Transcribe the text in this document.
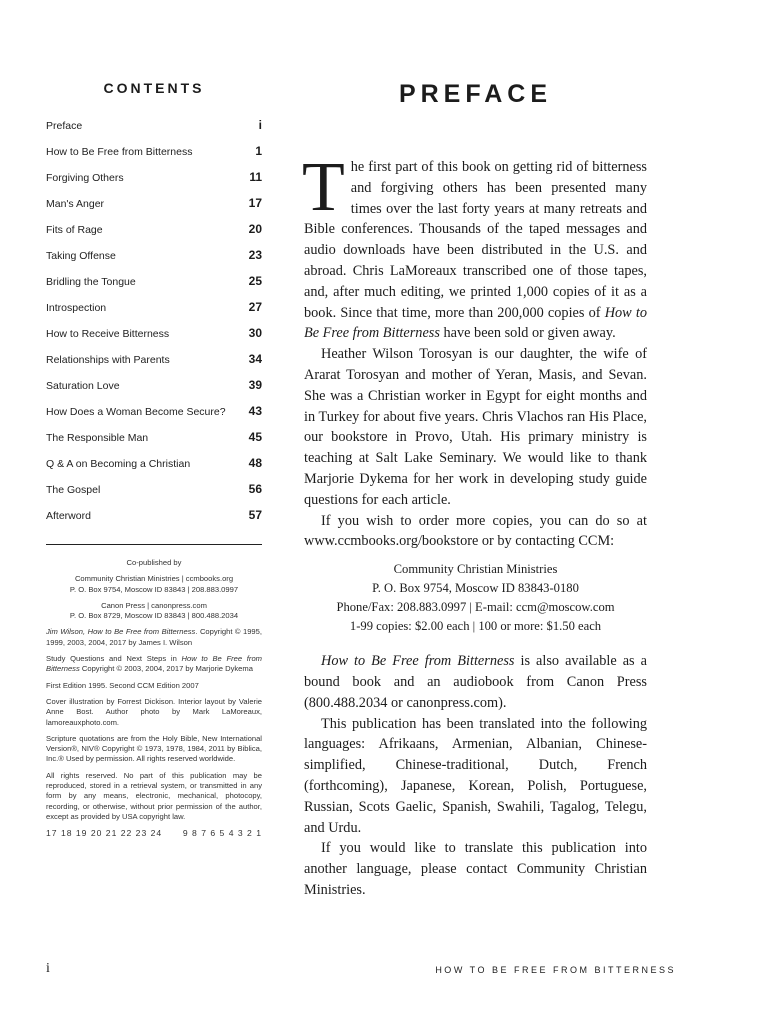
CONTENTS
Preface	i
How to Be Free from Bitterness	1
Forgiving Others	11
Man's Anger	17
Fits of Rage	20
Taking Offense	23
Bridling the Tongue	25
Introspection	27
How to Receive Bitterness	30
Relationships with Parents	34
Saturation Love	39
How Does a Woman Become Secure? 43
The Responsible Man	45
Q & A on Becoming a Christian	48
The Gospel	56
Afterword	57

Co-published by

Community Christian Ministries | ccmbooks.org
P. O. Box 9754, Moscow ID 83843 | 208.883.0997

Canon Press | canonpress.com
P. O. Box 8729, Moscow ID 83843 | 800.488.2034

Jim Wilson, How to Be Free from Bitterness. Copyright © 1995, 1999, 2003, 2004, 2017 by James I. Wilson

Study Questions and Next Steps in How to Be Free from Bitterness Copyright © 2003, 2004, 2017 by Marjorie Dykema

First Edition 1995. Second CCM Edition 2007

Cover illustration by Forrest Dickison. Interior layout by Valerie Anne Bost. Author photo by Mark LaMoreaux, lamoreauxphoto.com.

Scripture quotations are from the Holy Bible, New International Version®, NIV® Copyright © 1973, 1978, 1984, 2011 by Biblica, Inc.® Used by permission. All rights reserved worldwide.

All rights reserved. No part of this publication may be reproduced, stored in a retrieval system, or transmitted in any form by any means, electronic, mechanical, photocopy, recording, or otherwise, without prior permission of the author, except as provided by USA copyright law.

17 18 19 20 21 22 23 24 9 8 7 6 5 4 3 2 1
PREFACE

The first part of this book on getting rid of bitterness and forgiving others has been presented many times over the last forty years at many retreats and Bible conferences. Thousands of the taped messages and audio downloads have been distributed in the U.S. and abroad. Chris LaMoreaux transcribed one of those tapes, and, after much editing, we printed 1,000 copies of it as a book. Since that time, more than 200,000 copies of How to Be Free from Bitterness have been sold or given away.

Heather Wilson Torosyan is our daughter, the wife of Ararat Torosyan and mother of Yeran, Masis, and Sevan. She was a Christian worker in Egypt for eight months and in Turkey for about five years. Chris Vlachos ran His Place, our bookstore in Provo, Utah. His primary ministry is teaching at Salt Lake Seminary. We would like to thank Marjorie Dykema for her work in developing study guide questions for each article.

If you wish to order more copies, you can do so at www.ccmbooks.org/bookstore or by contacting CCM:

Community Christian Ministries
P. O. Box 9754, Moscow ID 83843-0180
Phone/Fax: 208.883.0997 | E-mail: ccm@moscow.com
1-99 copies: $2.00 each | 100 or more: $1.50 each

How to Be Free from Bitterness is also available as a bound book and an audiobook from Canon Press (800.488.2034 or canonpress.com).

This publication has been translated into the following languages: Afrikaans, Armenian, Albanian, Chinese-simplified, Chinese-traditional, Dutch, French (forthcoming), Japanese, Korean, Polish, Portuguese, Russian, Scots Gaelic, Spanish, Swahili, Tagalog, Telegu, and Urdu.

If you would like to translate this publication into another language, please contact Community Christian Ministries.

i	HOW TO BE FREE FROM BITTERNESS
